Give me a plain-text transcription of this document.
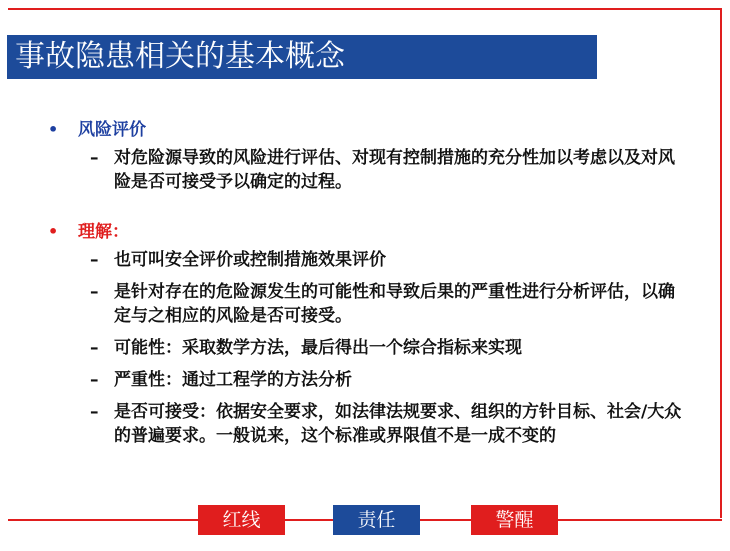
事故隐患相关的基本概念
•	风险评价
– 对危险源导致的风险进行评估、对现有控制措施的充分性加以考虑以及对风险是否可接受予以确定的过程。
•	理解：
– 也可叫安全评价或控制措施效果评价
– 是针对存在的危险源发生的可能性和导致后果的严重性进行分析评估，以确定与之相应的风险是否可接受。
– 可能性：采取数学方法，最后得出一个综合指标来实现
– 严重性：通过工程学的方法分析
– 是否可接受：依据安全要求，如法律法规要求、组织的方针目标、社会/大众的普遍要求。一般说来，这个标准或界限值不是一成不变的
红线	责任	警醒
